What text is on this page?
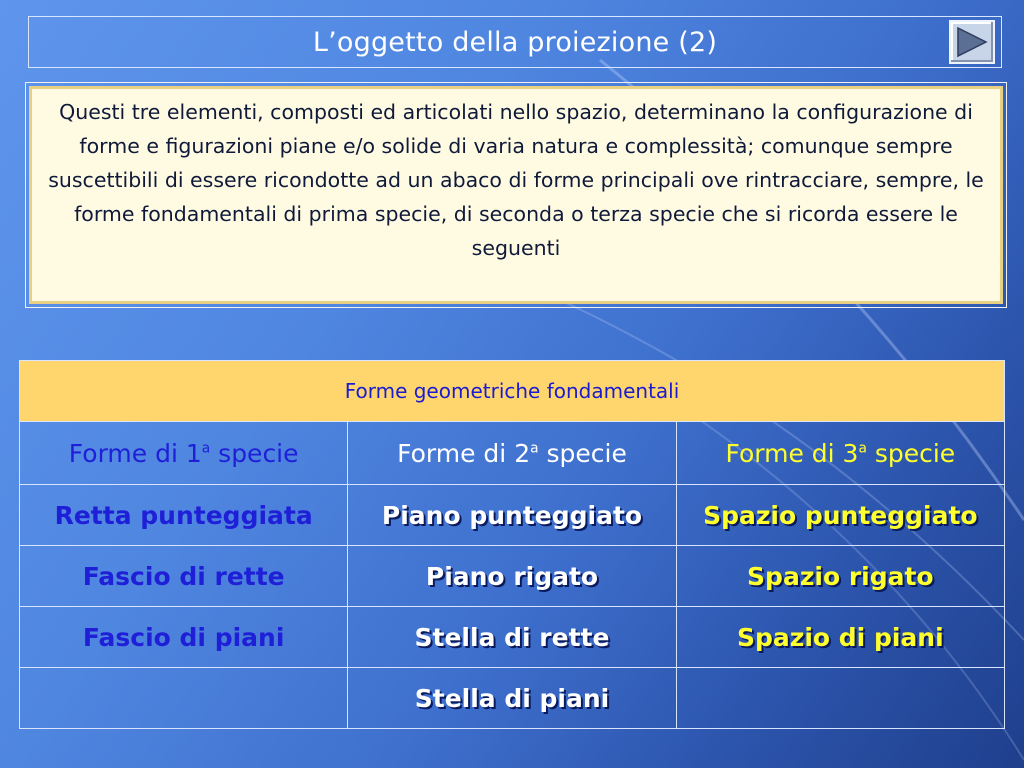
L’oggetto della proiezione (2)

Questi tre elementi, composti ed articolati nello spazio, determinano la configurazione di forme e figurazioni piane e/o solide di varia natura e complessità; comunque sempre suscettibili di essere ricondotte ad un abaco di forme principali ove rintracciare, sempre, le forme fondamentali di prima specie, di seconda o terza specie che si ricorda essere le seguenti

Forme geometriche fondamentali		
Forme di 1$^a$ specie	Forme di 2$^a$ specie	Forme di 3$^a$ specie
Retta punteggiata	Piano punteggiato	Spazio punteggiato
Fascio di rette	Piano rigato	Spazio rigato
Fascio di piani	Stella di rette	Spazio di piani
	Stella di piani	
